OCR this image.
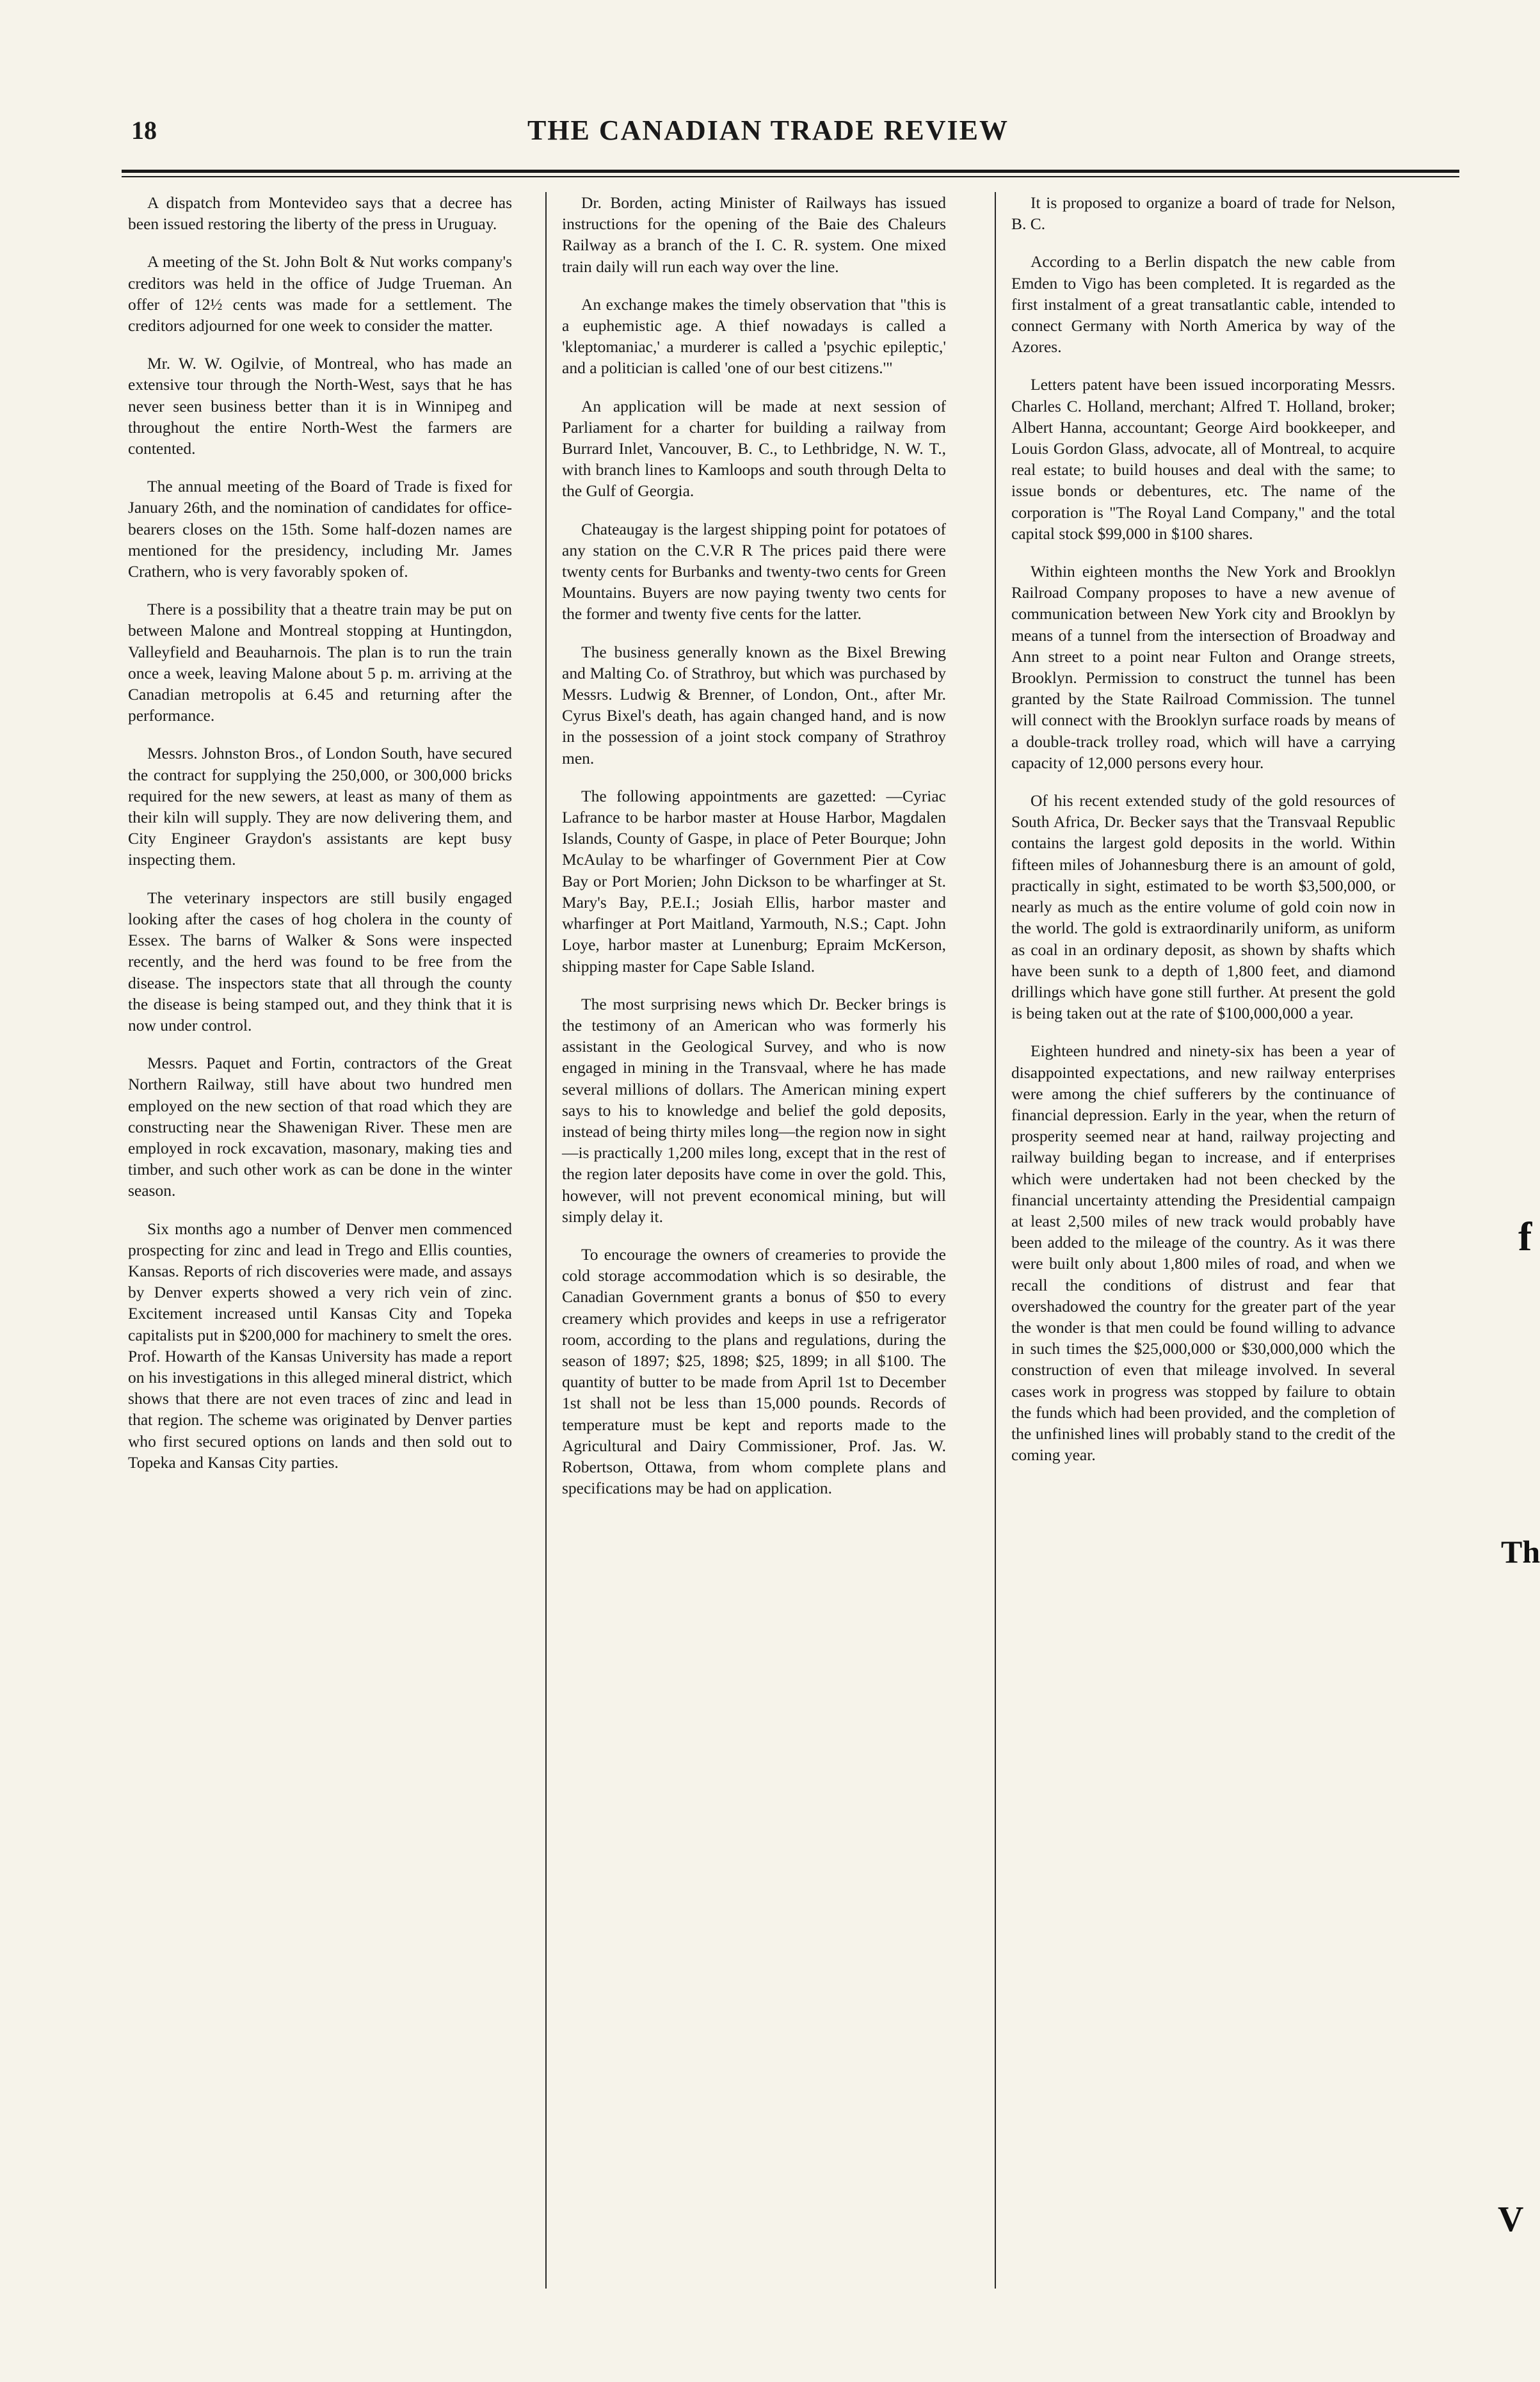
18	THE CANADIAN TRADE REVIEW

A dispatch from Montevideo says that a decree has been issued restoring the liberty of the press in Uruguay.

A meeting of the St. John Bolt & Nut works company's creditors was held in the office of Judge Trueman. An offer of 12½ cents was made for a settlement. The creditors adjourned for one week to consider the matter.

Mr. W. W. Ogilvie, of Montreal, who has made an extensive tour through the North-West, says that he has never seen business better than it is in Winnipeg and throughout the entire North-West the farmers are contented.

The annual meeting of the Board of Trade is fixed for January 26th, and the nomination of candidates for office-bearers closes on the 15th. Some half-dozen names are mentioned for the presidency, including Mr. James Crathern, who is very favorably spoken of.

There is a possibility that a theatre train may be put on between Malone and Montreal stopping at Huntingdon, Valleyfield and Beauharnois. The plan is to run the train once a week, leaving Malone about 5 p. m. arriving at the Canadian metropolis at 6.45 and returning after the performance.

Messrs. Johnston Bros., of London South, have secured the contract for supplying the 250,000, or 300,000 bricks required for the new sewers, at least as many of them as their kiln will supply. They are now delivering them, and City Engineer Graydon's assistants are kept busy inspecting them.

The veterinary inspectors are still busily engaged looking after the cases of hog cholera in the county of Essex. The barns of Walker & Sons were inspected recently, and the herd was found to be free from the disease. The inspectors state that all through the county the disease is being stamped out, and they think that it is now under control.

Messrs. Paquet and Fortin, contractors of the Great Northern Railway, still have about two hundred men employed on the new section of that road which they are constructing near the Shawenigan River. These men are employed in rock excavation, masonary, making ties and timber, and such other work as can be done in the winter season.

Six months ago a number of Denver men commenced prospecting for zinc and lead in Trego and Ellis counties, Kansas. Reports of rich discoveries were made, and assays by Denver experts showed a very rich vein of zinc. Excitement increased until Kansas City and Topeka capitalists put in $200,000 for machinery to smelt the ores. Prof. Howarth of the Kansas University has made a report on his investigations in this alleged mineral district, which shows that there are not even traces of zinc and lead in that region. The scheme was originated by Denver parties who first secured options on lands and then sold out to Topeka and Kansas City parties.

Dr. Borden, acting Minister of Railways has issued instructions for the opening of the Baie des Chaleurs Railway as a branch of the I. C. R. system. One mixed train daily will run each way over the line.

An exchange makes the timely observation that "this is a euphemistic age. A thief nowadays is called a 'kleptomaniac,' a murderer is called a 'psychic epileptic,' and a politician is called 'one of our best citizens.'"

An application will be made at next session of Parliament for a charter for building a railway from Burrard Inlet, Vancouver, B. C., to Lethbridge, N. W. T., with branch lines to Kamloops and south through Delta to the Gulf of Georgia.

Chateaugay is the largest shipping point for potatoes of any station on the C.V.R R The prices paid there were twenty cents for Burbanks and twenty-two cents for Green Mountains. Buyers are now paying twenty two cents for the former and twenty five cents for the latter.

The business generally known as the Bixel Brewing and Malting Co. of Strathroy, but which was purchased by Messrs. Ludwig & Brenner, of London, Ont., after Mr. Cyrus Bixel's death, has again changed hand, and is now in the possession of a joint stock company of Strathroy men.

The following appointments are gazetted: —Cyriac Lafrance to be harbor master at House Harbor, Magdalen Islands, County of Gaspe, in place of Peter Bourque; John McAulay to be wharfinger of Government Pier at Cow Bay or Port Morien; John Dickson to be wharfinger at St. Mary's Bay, P.E.I.; Josiah Ellis, harbor master and wharfinger at Port Maitland, Yarmouth, N.S.; Capt. John Loye, harbor master at Lunenburg; Epraim McKerson, shipping master for Cape Sable Island.

The most surprising news which Dr. Becker brings is the testimony of an American who was formerly his assistant in the Geological Survey, and who is now engaged in mining in the Transvaal, where he has made several millions of dollars. The American mining expert says to his to knowledge and belief the gold deposits, instead of being thirty miles long—the region now in sight—is practically 1,200 miles long, except that in the rest of the region later deposits have come in over the gold. This, however, will not prevent economical mining, but will simply delay it.

To encourage the owners of creameries to provide the cold storage accommodation which is so desirable, the Canadian Government grants a bonus of $50 to every creamery which provides and keeps in use a refrigerator room, according to the plans and regulations, during the season of 1897; $25, 1898; $25, 1899; in all $100. The quantity of butter to be made from April 1st to December 1st shall not be less than 15,000 pounds. Records of temperature must be kept and reports made to the Agricultural and Dairy Commissioner, Prof. Jas. W. Robertson, Ottawa, from whom complete plans and specifications may be had on application.

It is proposed to organize a board of trade for Nelson, B. C.

According to a Berlin dispatch the new cable from Emden to Vigo has been completed. It is regarded as the first instalment of a great transatlantic cable, intended to connect Germany with North America by way of the Azores.

Letters patent have been issued incorporating Messrs. Charles C. Holland, merchant; Alfred T. Holland, broker; Albert Hanna, accountant; George Aird bookkeeper, and Louis Gordon Glass, advocate, all of Montreal, to acquire real estate; to build houses and deal with the same; to issue bonds or debentures, etc. The name of the corporation is "The Royal Land Company," and the total capital stock $99,000 in $100 shares.

Within eighteen months the New York and Brooklyn Railroad Company proposes to have a new avenue of communication between New York city and Brooklyn by means of a tunnel from the intersection of Broadway and Ann street to a point near Fulton and Orange streets, Brooklyn. Permission to construct the tunnel has been granted by the State Railroad Commission. The tunnel will connect with the Brooklyn surface roads by means of a double-track trolley road, which will have a carrying capacity of 12,000 persons every hour.

Of his recent extended study of the gold resources of South Africa, Dr. Becker says that the Transvaal Republic contains the largest gold deposits in the world. Within fifteen miles of Johannesburg there is an amount of gold, practically in sight, estimated to be worth $3,500,000, or nearly as much as the entire volume of gold coin now in the world. The gold is extraordinarily uniform, as uniform as coal in an ordinary deposit, as shown by shafts which have been sunk to a depth of 1,800 feet, and diamond drillings which have gone still further. At present the gold is being taken out at the rate of $100,000,000 a year.

Eighteen hundred and ninety-six has been a year of disappointed expectations, and new railway enterprises were among the chief sufferers by the continuance of financial depression. Early in the year, when the return of prosperity seemed near at hand, railway projecting and railway building began to increase, and if enterprises which were undertaken had not been checked by the financial uncertainty attending the Presidential campaign at least 2,500 miles of new track would probably have been added to the mileage of the country. As it was there were built only about 1,800 miles of road, and when we recall the conditions of distrust and fear that overshadowed the country for the greater part of the year the wonder is that men could be found willing to advance in such times the $25,000,000 or $30,000,000 which the construction of even that mileage involved. In several cases work in progress was stopped by failure to obtain the funds which had been provided, and the completion of the unfinished lines will probably stand to the credit of the coming year.

Th
V
f
